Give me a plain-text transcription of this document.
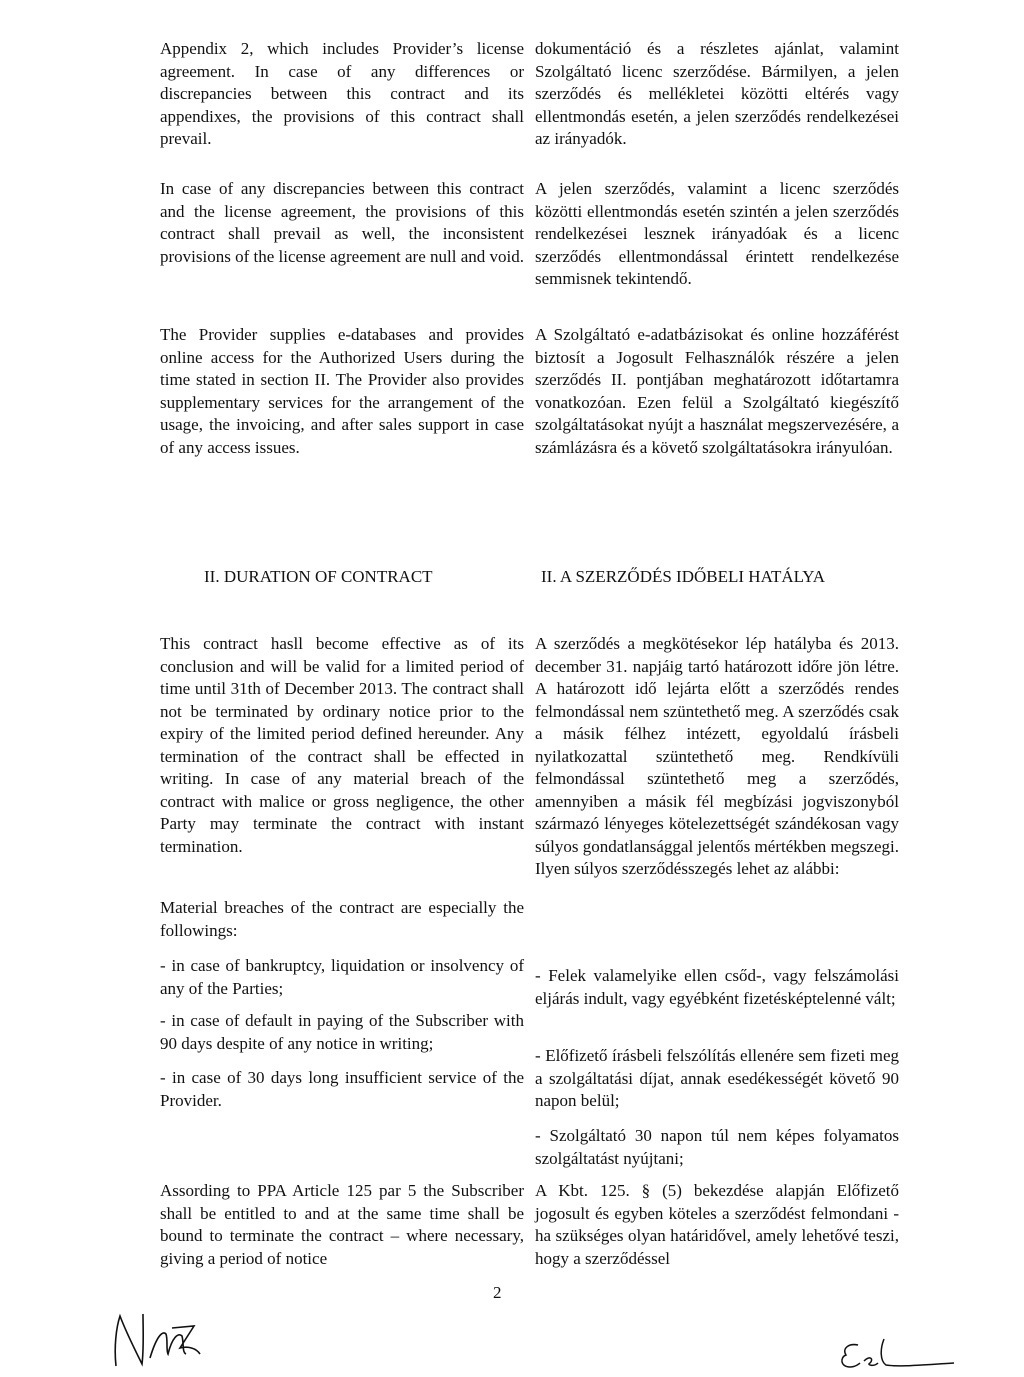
Appendix 2, which includes Provider’s license agreement. In case of any differences or discrepancies between this contract and its appendixes, the provisions of this contract shall prevail.

dokumentáció és a részletes ajánlat, valamint Szolgáltató licenc szerződése. Bármilyen, a jelen szerződés és mellékletei közötti eltérés vagy ellentmondás esetén, a jelen szerződés rendelkezései az irányadók.

In case of any discrepancies between this contract and the license agreement, the provisions of this contract shall prevail as well, the inconsistent provisions of the license agreement are null and void.

A jelen szerződés, valamint a licenc szerződés közötti ellentmondás esetén szintén a jelen szerződés rendelkezései lesznek irányadóak és a licenc szerződés ellentmondással érintett rendelkezése semmisnek tekintendő.

The Provider supplies e-databases and provides online access for the Authorized Users during the time stated in section II. The Provider also provides supplementary services for the arrangement of the usage, the invoicing, and after sales support in case of any access issues.

A Szolgáltató e-adatbázisokat és online hozzáférést biztosít a Jogosult Felhasználók részére a jelen szerződés II. pontjában meghatározott időtartamra vonatkozóan. Ezen felül a Szolgáltató kiegészítő szolgáltatásokat nyújt a használat megszervezésére, a számlázásra és a követő szolgáltatásokra irányulóan.

II. DURATION OF CONTRACT	II. A SZERZŐDÉS IDŐBELI HATÁLYA

This contract hasll become effective as of its conclusion and will be valid for a limited period of time until 31th of December 2013. The contract shall not be terminated by ordinary notice prior to the expiry of the limited period defined hereunder. Any termination of the contract shall be effected in writing. In case of any material breach of the contract with malice or gross negligence, the other Party may terminate the contract with instant termination.

A szerződés a megkötésekor lép hatályba és 2013. december 31. napjáig tartó határozott időre jön létre. A határozott idő lejárta előtt a szerződés rendes felmondással nem szüntethető meg. A szerződés csak a másik félhez intézett, egyoldalú írásbeli nyilatkozattal szüntethető meg. Rendkívüli felmondással szüntethető meg a szerződés, amennyiben a másik fél megbízási jogviszonyból származó lényeges kötelezettségét szándékosan vagy súlyos gondatlansággal jelentős mértékben megszegi. Ilyen súlyos szerződésszegés lehet az alábbi:

Material breaches of the contract are especially the followings:

- in case of bankruptcy, liquidation or insolvency of any of the Parties;

- Felek valamelyike ellen csőd-, vagy felszámolási eljárás indult, vagy egyébként fizetésképtelenné vált;

- in case of default in paying of the Subscriber with 90 days despite of any notice in writing;

- Előfizető írásbeli felszólítás ellenére sem fizeti meg a szolgáltatási díjat, annak esedékességét követő 90 napon belül;

- in case of 30 days long insufficient service of the Provider.

- Szolgáltató 30 napon túl nem képes folyamatos szolgáltatást nyújtani;

Assording to PPA Article 125 par 5 the Subscriber shall be entitled to and at the same time shall be bound to terminate the contract – where necessary, giving a period of notice

A Kbt. 125. § (5) bekezdése alapján Előfizető jogosult és egyben köteles a szerződést felmondani - ha szükséges olyan határidővel, amely lehetővé teszi, hogy a szerződéssel

2
